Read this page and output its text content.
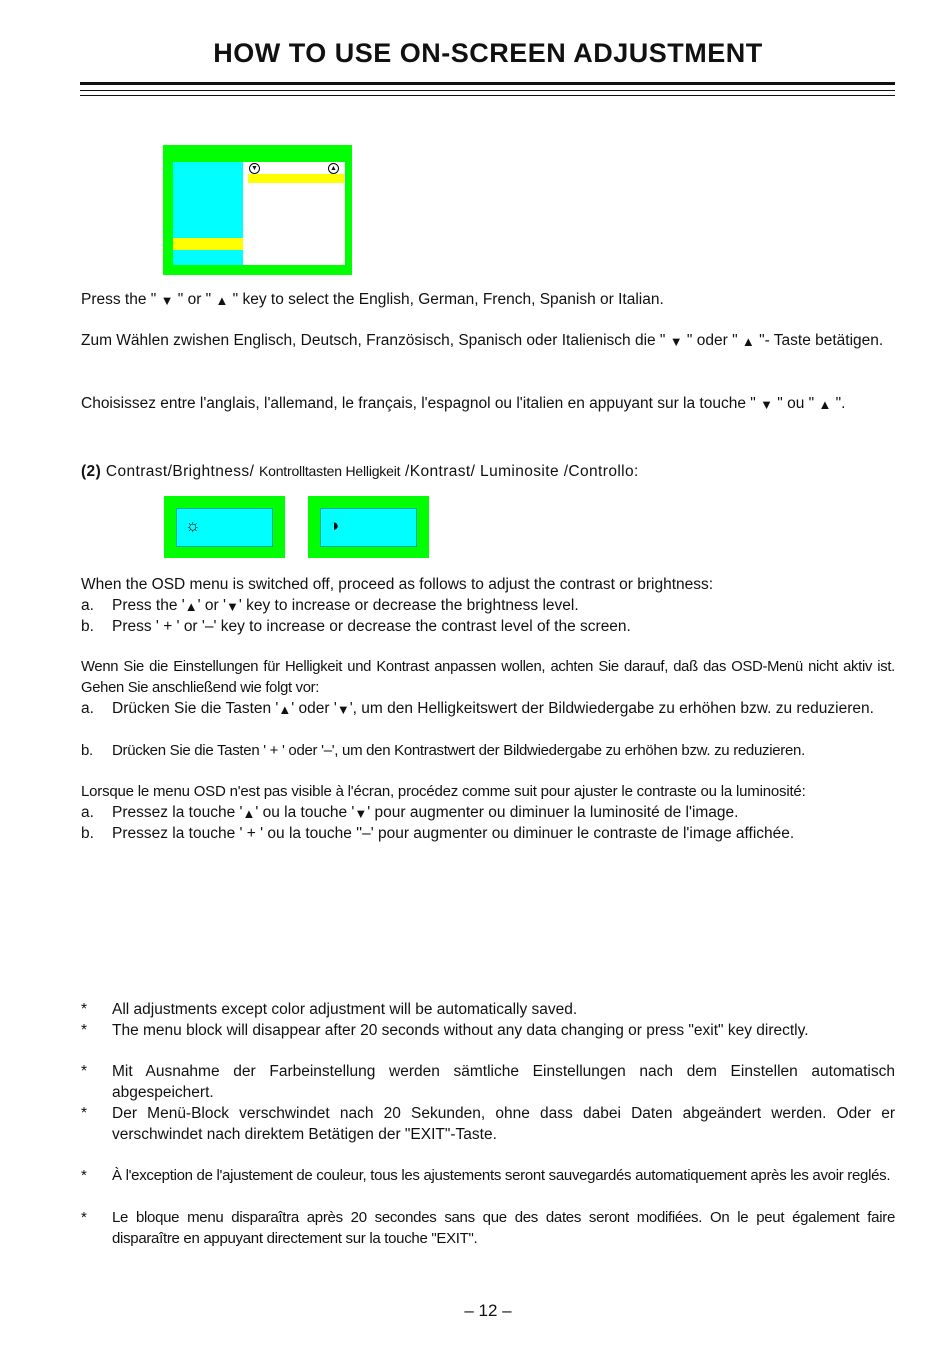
HOW TO USE ON-SCREEN ADJUSTMENT
▼	▲
Press the " ▼ " or " ▲ " key to select the English, German, French, Spanish or Italian.
Zum Wählen zwishen Englisch, Deutsch, Französisch, Spanisch oder Italienisch die " ▼ " oder " ▲ "- Taste betätigen.
Choisissez entre l'anglais, l'allemand, le français, l'espagnol ou l'italien en appuyant sur la touche " ▼ " ou " ▲ ".
(2) Contrast/Brightness/ Kontrolltasten Helligkeit /Kontrast/ Luminosite /Controllo:
☼	◑
When the OSD menu is switched off, proceed as follows to adjust the contrast or brightness:
a. Press the '▲' or '▼' key to increase or decrease the brightness level.
b. Press ' + ' or '–' key to increase or decrease the contrast level of the screen.
Wenn Sie die Einstellungen für Helligkeit und Kontrast anpassen wollen, achten Sie darauf, daß das OSD-Menü nicht aktiv ist. Gehen Sie anschließend wie folgt vor:
a. Drücken Sie die Tasten '▲' oder '▼', um den Helligkeitswert der Bildwiedergabe zu erhöhen bzw. zu reduzieren.
b. Drücken Sie die Tasten ' + ' oder '–', um den Kontrastwert der Bildwiedergabe zu erhöhen bzw. zu reduzieren.
Lorsque le menu OSD n'est pas visible à l'écran, procédez comme suit pour ajuster le contraste ou la luminosité:
a. Pressez la touche '▲' ou la touche '▼' pour augmenter ou diminuer la luminosité de l'image.
b. Pressez la touche ' + ' ou la touche ''–' pour augmenter ou diminuer le contraste de l'image affichée.
* All adjustments except color adjustment will be automatically saved.
* The menu block will disappear after 20 seconds without any data changing or press "exit" key directly.
* Mit Ausnahme der Farbeinstellung werden sämtliche Einstellungen nach dem Einstellen automatisch abgespeichert.
* Der Menü-Block verschwindet nach 20 Sekunden, ohne dass dabei Daten abgeändert werden. Oder er verschwindet nach direktem Betätigen der "EXIT"-Taste.
* À l'exception de l'ajustement de couleur, tous les ajustements seront sauvegardés automatiquement après les avoir reglés.
* Le bloque menu disparaîtra après 20 secondes sans que des dates seront modifiées. On le peut également faire disparaître en appuyant directement sur la touche "EXIT".
– 12 –
